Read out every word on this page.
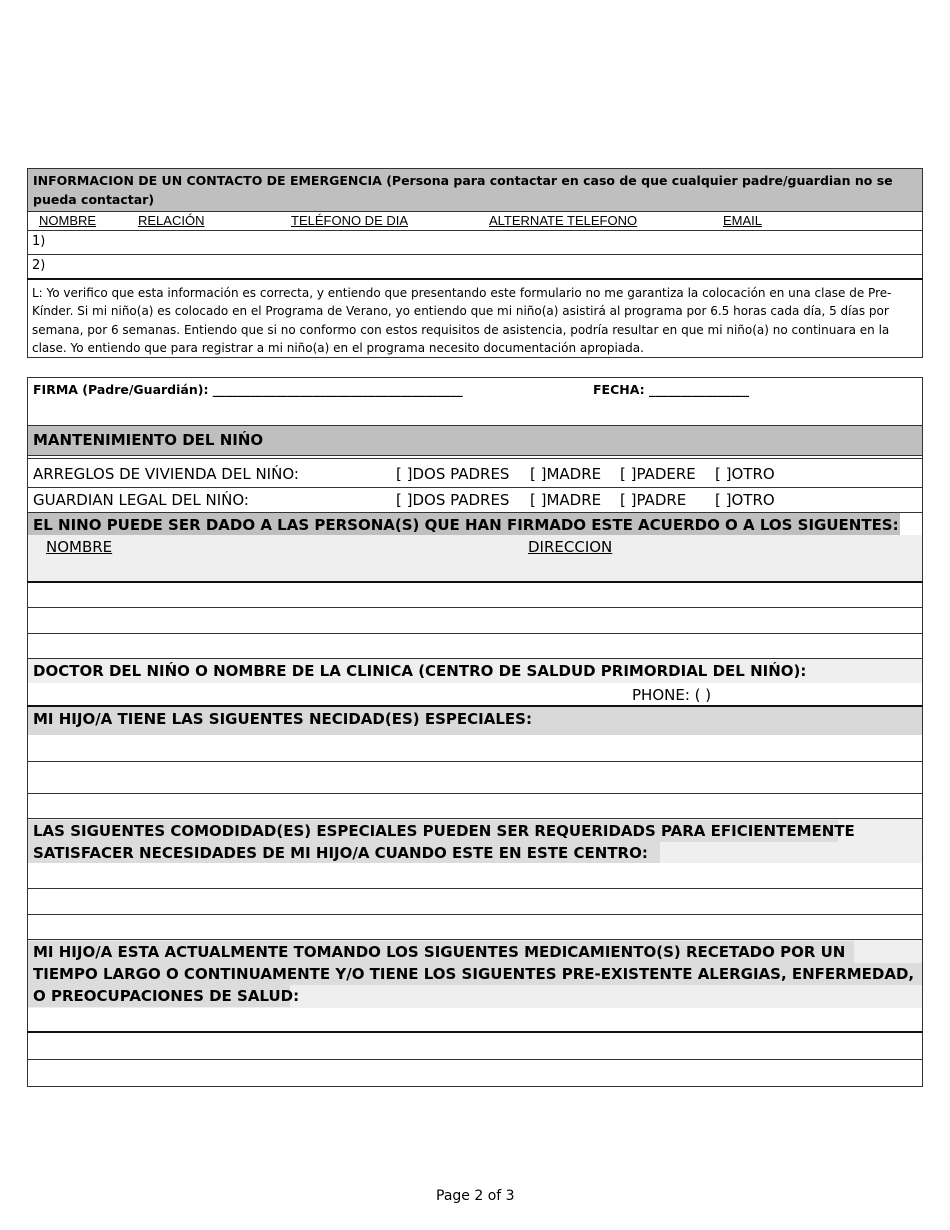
INFORMACION DE UN CONTACTO DE EMERGENCIA (Persona para contactar en caso de que cualquier padre/guardian no se
pueda contactar)
NOMBRE	RELACIÓN	TELÉFONO DE DIA	ALTERNATE TELEFONO	EMAIL
1)
2)
L: Yo verifico que esta información es correcta, y entiendo que presentando este formulario no me garantiza la colocación en una clase de Pre-Kínder. Si mi niño(a) es colocado en el Programa de Verano, yo entiendo que mi niño(a) asistirá al programa por 6.5 horas cada día, 5 días por semana, por 6 semanas. Entiendo que si no conformo con estos requisitos de asistencia, podría resultar en que mi niño(a) no continuara en la clase. Yo entiendo que para registrar a mi niño(a) en el programa necesito documentación apropiada.
FIRMA (Padre/Guardián): ________________________________________	FECHA: ________________
MANTENIMIENTO DEL NIŃO
ARREGLOS DE VIVIENDA DEL NIŃO:	[ ]DOS PADRES [ ]MADRE [ ]PADERE [ ]OTRO
GUARDIAN LEGAL DEL NIŃO:	[ ]DOS PADRES [ ]MADRE [ ]PADRE [ ]OTRO
EL NINO PUEDE SER DADO A LAS PERSONA(S) QUE HAN FIRMADO ESTE ACUERDO O A LOS SIGUENTES:
NOMBRE	DIRECCION
DOCTOR DEL NIŃO O NOMBRE DE LA CLINICA (CENTRO DE SALDUD PRIMORDIAL DEL NIŃO):
PHONE: ( )
MI HIJO/A TIENE LAS SIGUENTES NECIDAD(ES) ESPECIALES:
LAS SIGUENTES COMODIDAD(ES) ESPECIALES PUEDEN SER REQUERIDADS PARA EFICIENTEMENTE
SATISFACER NECESIDADES DE MI HIJO/A CUANDO ESTE EN ESTE CENTRO:
MI HIJO/A ESTA ACTUALMENTE TOMANDO LOS SIGUENTES MEDICAMIENTO(S) RECETADO POR UN
TIEMPO LARGO O CONTINUAMENTE Y/O TIENE LOS SIGUENTES PRE-EXISTENTE ALERGIAS, ENFERMEDAD,
O PREOCUPACIONES DE SALUD:
Page 2 of 3
